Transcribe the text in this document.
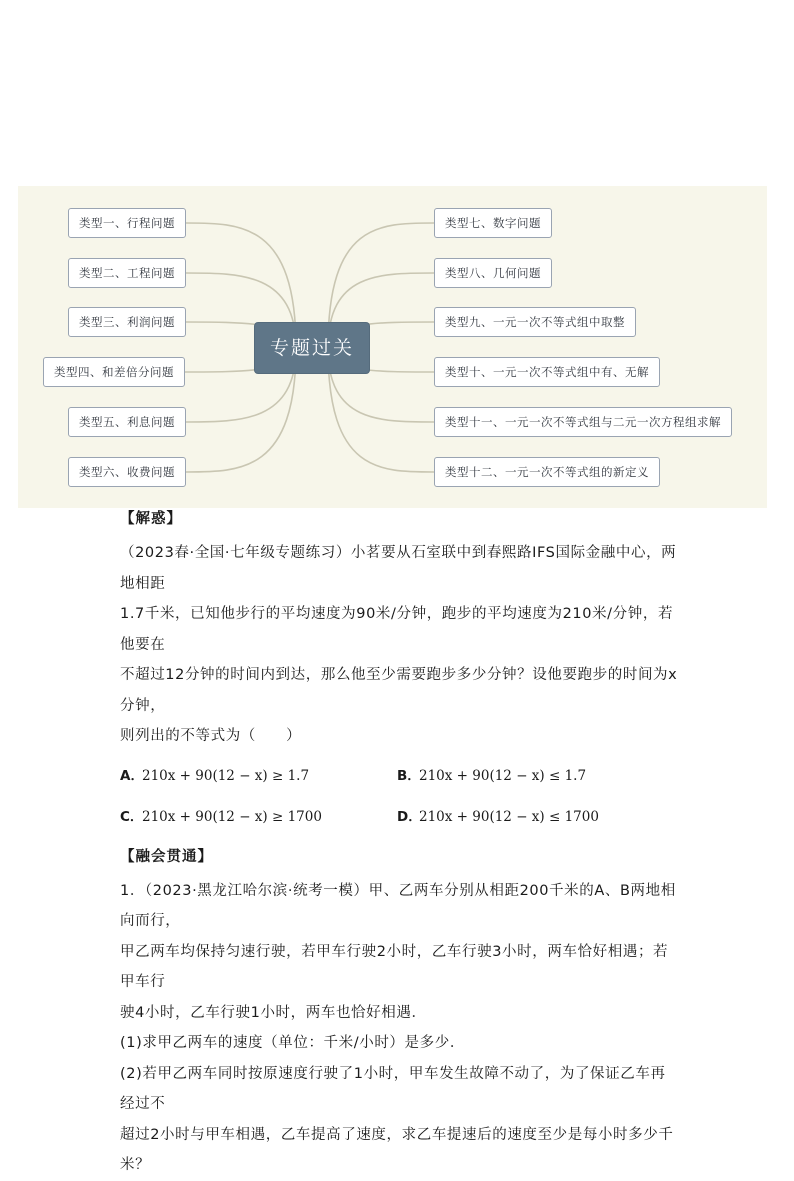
类型一、行程问题
类型二、工程问题
类型三、利润问题
类型四、和差倍分问题
类型五、利息问题
类型六、收费问题
专题过关
类型七、数字问题
类型八、几何问题
类型九、一元一次不等式组中取整
类型十、一元一次不等式组中有、无解
类型十一、一元一次不等式组与二元一次方程组求解
类型十二、一元一次不等式组的新定义
【解惑】

（2023春·全国·七年级专题练习）小茗要从石室联中到春熙路IFS国际金融中心，两地相距

1.7千米，已知他步行的平均速度为90米/分钟，跑步的平均速度为210米/分钟，若他要在

不超过12分钟的时间内到达，那么他至少需要跑步多少分钟？设他要跑步的时间为x分钟，

则列出的不等式为（　　）

A．210x + 90(12 − x) ≥ 1.7	B．210x + 90(12 − x) ≤ 1.7
C．210x + 90(12 − x) ≥ 1700	D．210x + 90(12 − x) ≤ 1700
【融会贯通】

1．（2023·黑龙江哈尔滨·统考一模）甲、乙两车分别从相距200千米的A、B两地相向而行，

甲乙两车均保持匀速行驶，若甲车行驶2小时，乙车行驶3小时，两车恰好相遇；若甲车行

驶4小时，乙车行驶1小时，两车也恰好相遇．

(1)求甲乙两车的速度（单位：千米/小时）是多少．

(2)若甲乙两车同时按原速度行驶了1小时，甲车发生故障不动了，为了保证乙车再经过不

超过2小时与甲车相遇，乙车提高了速度，求乙车提速后的速度至少是每小时多少千米？
